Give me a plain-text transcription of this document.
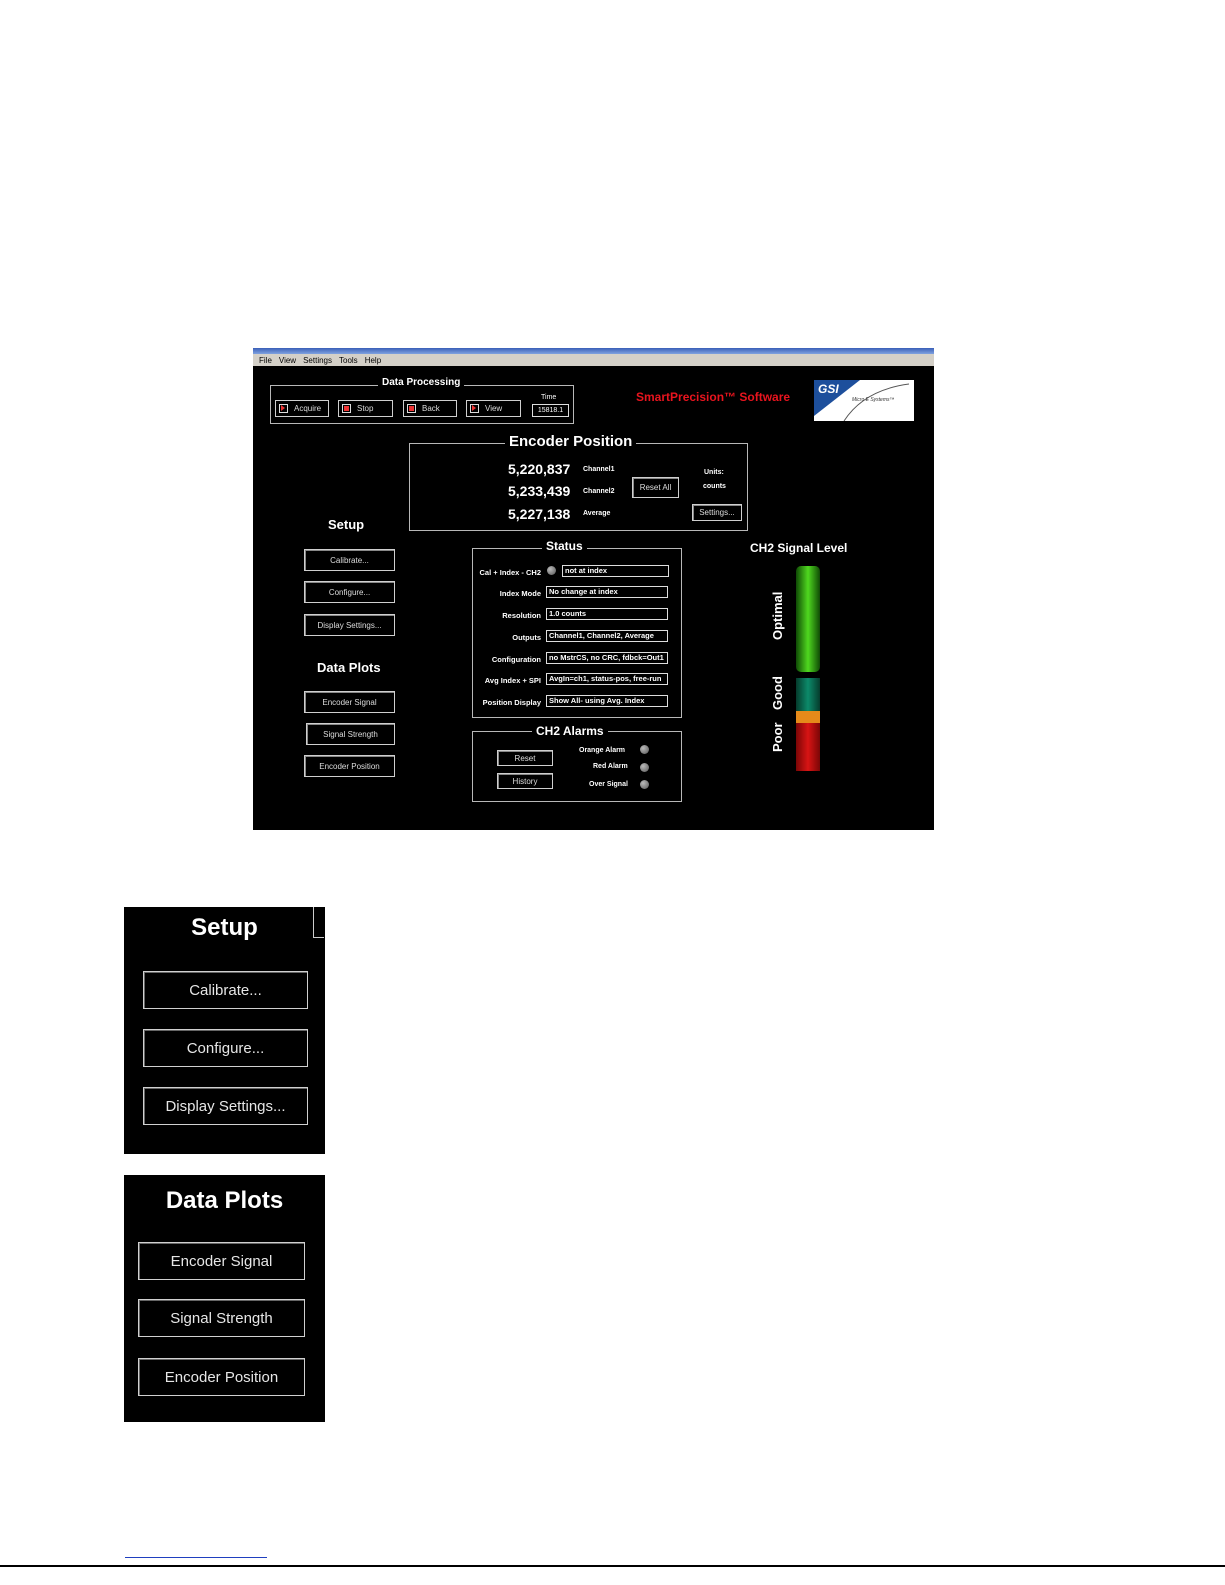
File View Settings Tools Help
Data Processing
Acquire	Stop	Back	View
Time
15818.1
SmartPrecision™ Software
GSI
Micro E Systems™
Encoder Position
5,220,837 Channel1
5,233,439 Channel2
5,227,138 Average
Reset All
Units:
counts
Settings...
Setup
Calibrate...
Configure...
Display Settings...
Data Plots
Encoder Signal
Signal Strength
Encoder Position
Cal + Index - CH2	not at index
Index Mode	No change at index
Resolution	1.0 counts
Outputs	Channel1, Channel2, Average
Configuration	no MstrCS, no CRC, fdbck=Out1
Avg Index + SPI	AvgIn=ch1, status-pos, free-run
Position Display	Show All- using Avg. Index
Status
CH2 Alarms
Reset
History
Orange Alarm
Red Alarm
Over Signal
CH2 Signal Level
Optimal
Good
Poor
Setup
Calibrate...
Configure...
Display Settings...
Data Plots
Encoder Signal
Signal Strength
Encoder Position
